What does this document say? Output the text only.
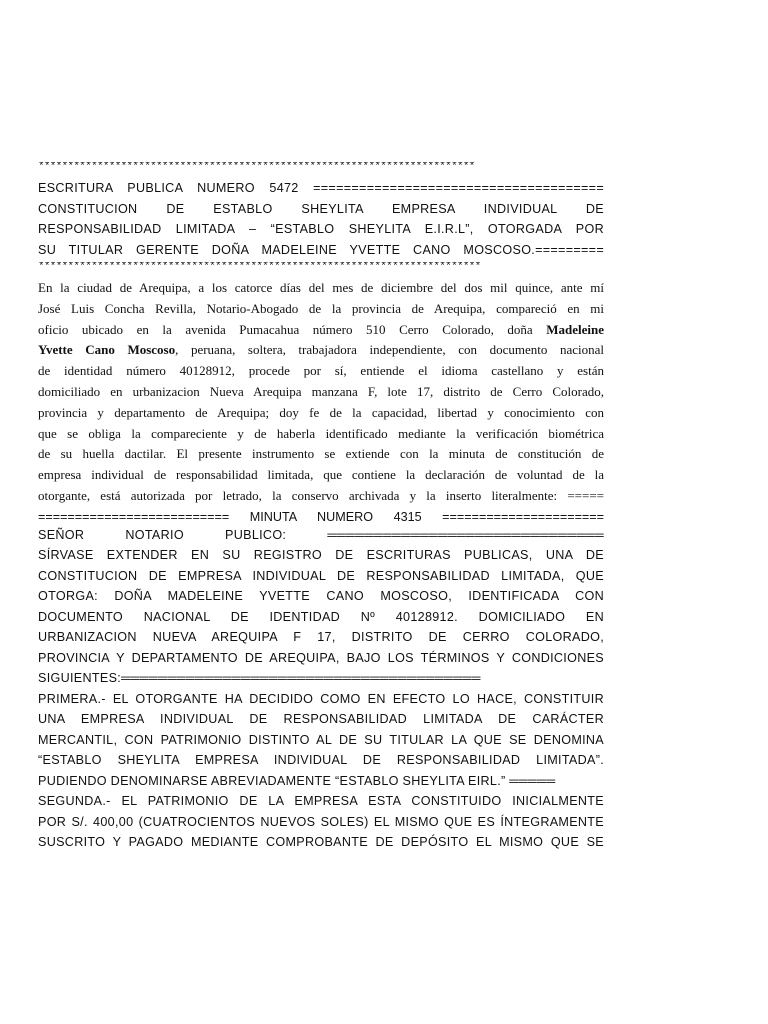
**************************************************************************
ESCRITURA PUBLICA NUMERO 5472 ======================================
CONSTITUCION DE ESTABLO SHEYLITA EMPRESA INDIVIDUAL DE
RESPONSABILIDAD LIMITADA – “ESTABLO SHEYLITA E.I.R.L”, OTORGADA POR
SU TITULAR GERENTE DOÑA MADELEINE YVETTE CANO MOSCOSO.=========
***************************************************************************
En la ciudad de Arequipa, a los catorce días del mes de diciembre del dos mil quince, ante mí
José Luis Concha Revilla, Notario-Abogado de la provincia de Arequipa, compareció en mi
oficio ubicado en la avenida Pumacahua número 510 Cerro Colorado, doña Madeleine
Yvette Cano Moscoso, peruana, soltera, trabajadora independiente, con documento nacional
de identidad número 40128912, procede por sí, entiende el idioma castellano y están
domiciliado en urbanizacion Nueva Arequipa manzana F, lote 17, distrito de Cerro Colorado,
provincia y departamento de Arequipa; doy fe de la capacidad, libertad y conocimiento con
que se obliga la compareciente y de haberla identificado mediante la verificación biométrica
de su huella dactilar. El presente instrumento se extiende con la minuta de constitución de
empresa individual de responsabilidad limitada, que contiene la declaración de voluntad de la
otorgante, está autorizada por letrado, la conservo archivada y la inserto literalmente: =====
========================== MINUTA NUMERO 4315 ======================
SEÑOR NOTARIO PUBLICO: ══════════════════════════════
SÍRVASE EXTENDER EN SU REGISTRO DE ESCRITURAS PUBLICAS, UNA DE
CONSTITUCION DE EMPRESA INDIVIDUAL DE RESPONSABILIDAD LIMITADA, QUE
OTORGA: DOÑA MADELEINE YVETTE CANO MOSCOSO, IDENTIFICADA CON
DOCUMENTO NACIONAL DE IDENTIDAD Nº 40128912. DOMICILIADO EN
URBANIZACION NUEVA AREQUIPA F 17, DISTRITO DE CERRO COLORADO,
PROVINCIA Y DEPARTAMENTO DE AREQUIPA, BAJO LOS TÉRMINOS Y CONDICIONES
SIGUIENTES:═══════════════════════════════════════
PRIMERA.- EL OTORGANTE HA DECIDIDO COMO EN EFECTO LO HACE, CONSTITUIR
UNA EMPRESA INDIVIDUAL DE RESPONSABILIDAD LIMITADA DE CARÁCTER
MERCANTIL, CON PATRIMONIO DISTINTO AL DE SU TITULAR LA QUE SE DENOMINA
“ESTABLO SHEYLITA EMPRESA INDIVIDUAL DE RESPONSABILIDAD LIMITADA”.
PUDIENDO DENOMINARSE ABREVIADAMENTE “ESTABLO SHEYLITA EIRL.” ═════
SEGUNDA.- EL PATRIMONIO DE LA EMPRESA ESTA CONSTITUIDO INICIALMENTE
POR S/. 400,00 (CUATROCIENTOS NUEVOS SOLES) EL MISMO QUE ES ÍNTEGRAMENTE
SUSCRITO Y PAGADO MEDIANTE COMPROBANTE DE DEPÓSITO EL MISMO QUE SE
